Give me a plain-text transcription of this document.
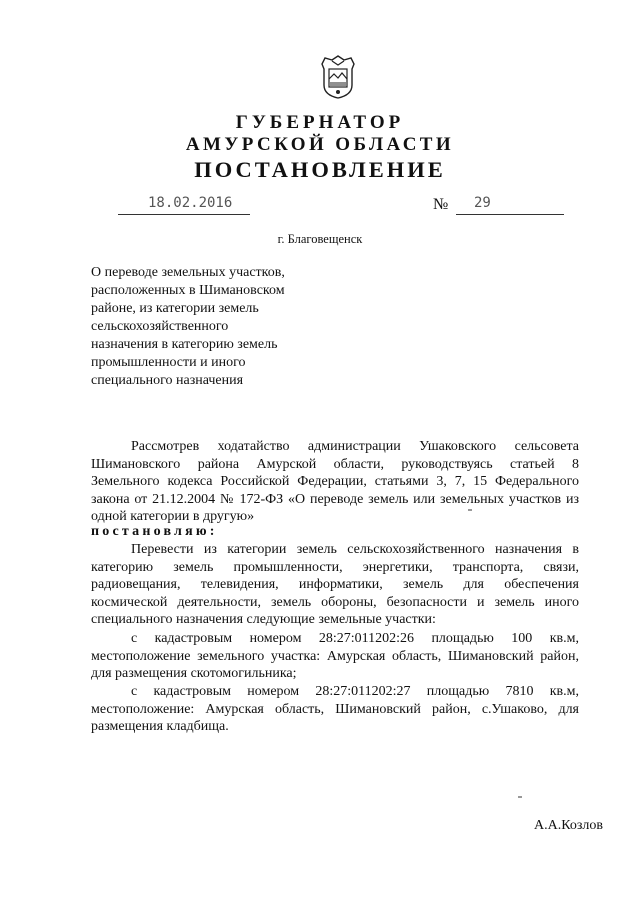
ГУБЕРНАТОР
АМУРСКОЙ ОБЛАСТИ
ПОСТАНОВЛЕНИЕ
18.02.2016	№ 29
г. Благовещенск
О переводе земельных участков,
расположенных в Шимановском
районе, из категории земель
сельскохозяйственного
назначения в категорию земель
промышленности и иного
специального назначения
Рассмотрев ходатайство администрации Ушаковского сельсовета
Шимановского района Амурской области, руководствуясь статьей 8
Земельного кодекса Российской Федерации, статьями 3, 7, 15 Федерального
закона от 21.12.2004 № 172-ФЗ «О переводе земель или земельных участков из
одной категории в другую»
постановляю:
Перевести из категории земель сельскохозяйственного назначения в
категорию земель промышленности, энергетики, транспорта, связи,
радиовещания, телевидения, информатики, земель для обеспечения
космической деятельности, земель обороны, безопасности и земель иного
специального назначения следующие земельные участки:
с кадастровым номером 28:27:011202:26 площадью 100 кв.м,
местоположение земельного участка: Амурская область, Шимановский район,
для размещения скотомогильника;
с кадастровым номером 28:27:011202:27 площадью 7810 кв.м,
местоположение: Амурская область, Шимановский район, с.Ушаково, для
размещения кладбища.
А.А.Козлов
